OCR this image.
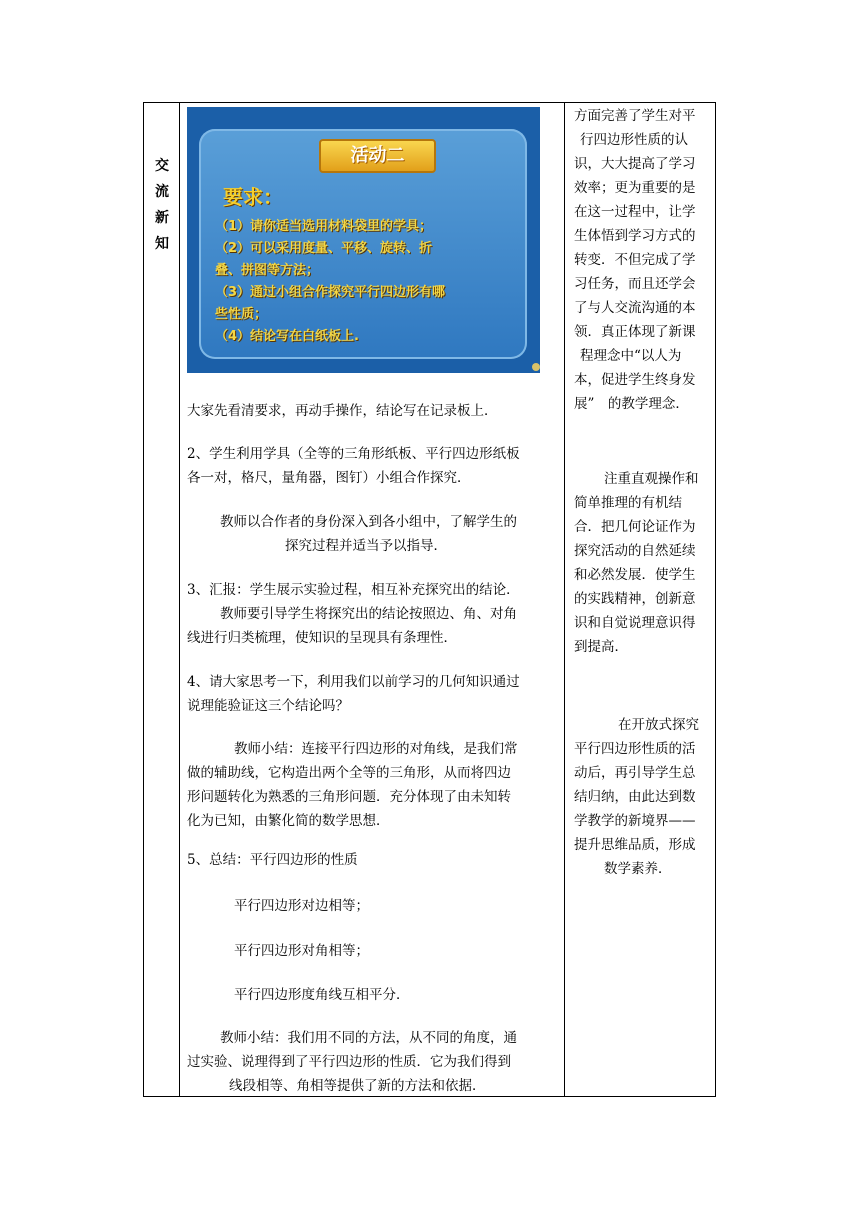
交
流
新
知
活动二
要求：
（1）请你适当选用材料袋里的学具；
（2）可以采用度量、平移、旋转、折
叠、拼图等方法；
（3）通过小组合作探究平行四边形有哪
些性质；
（4）结论写在白纸板上.
大家先看清要求，再动手操作，结论写在记录板上．
2、学生利用学具（全等的三角形纸板、平行四边形纸板
各一对，格尺，量角器，图钉）小组合作探究．
教师以合作者的身份深入到各小组中，了解学生的
探究过程并适当予以指导．
3、汇报：学生展示实验过程，相互补充探究出的结论．
教师要引导学生将探究出的结论按照边、角、对角
线进行归类梳理，使知识的呈现具有条理性．
4、请大家思考一下，利用我们以前学习的几何知识通过
说理能验证这三个结论吗？
教师小结：连接平行四边形的对角线，是我们常
做的辅助线，它构造出两个全等的三角形，从而将四边
形问题转化为熟悉的三角形问题．充分体现了由未知转
化为已知，由繁化简的数学思想．
5、总结：平行四边形的性质
平行四边形对边相等；
平行四边形对角相等；
平行四边形度角线互相平分．
教师小结：我们用不同的方法，从不同的角度，通
过实验、说理得到了平行四边形的性质．它为我们得到
线段相等、角相等提供了新的方法和依据．
方面完善了学生对平
行四边形性质的认
识，大大提高了学习
效率；更为重要的是
在这一过程中，让学
生体悟到学习方式的
转变．不但完成了学
习任务，而且还学会
了与人交流沟通的本
领．真正体现了新课
程理念中“以人为
本，促进学生终身发
展”　的教学理念．
注重直观操作和
简单推理的有机结
合．把几何论证作为
探究活动的自然延续
和必然发展．使学生
的实践精神，创新意
识和自觉说理意识得
到提高．
在开放式探究
平行四边形性质的活
动后，再引导学生总
结归纳，由此达到数
学教学的新境界——
提升思维品质，形成
数学素养．
